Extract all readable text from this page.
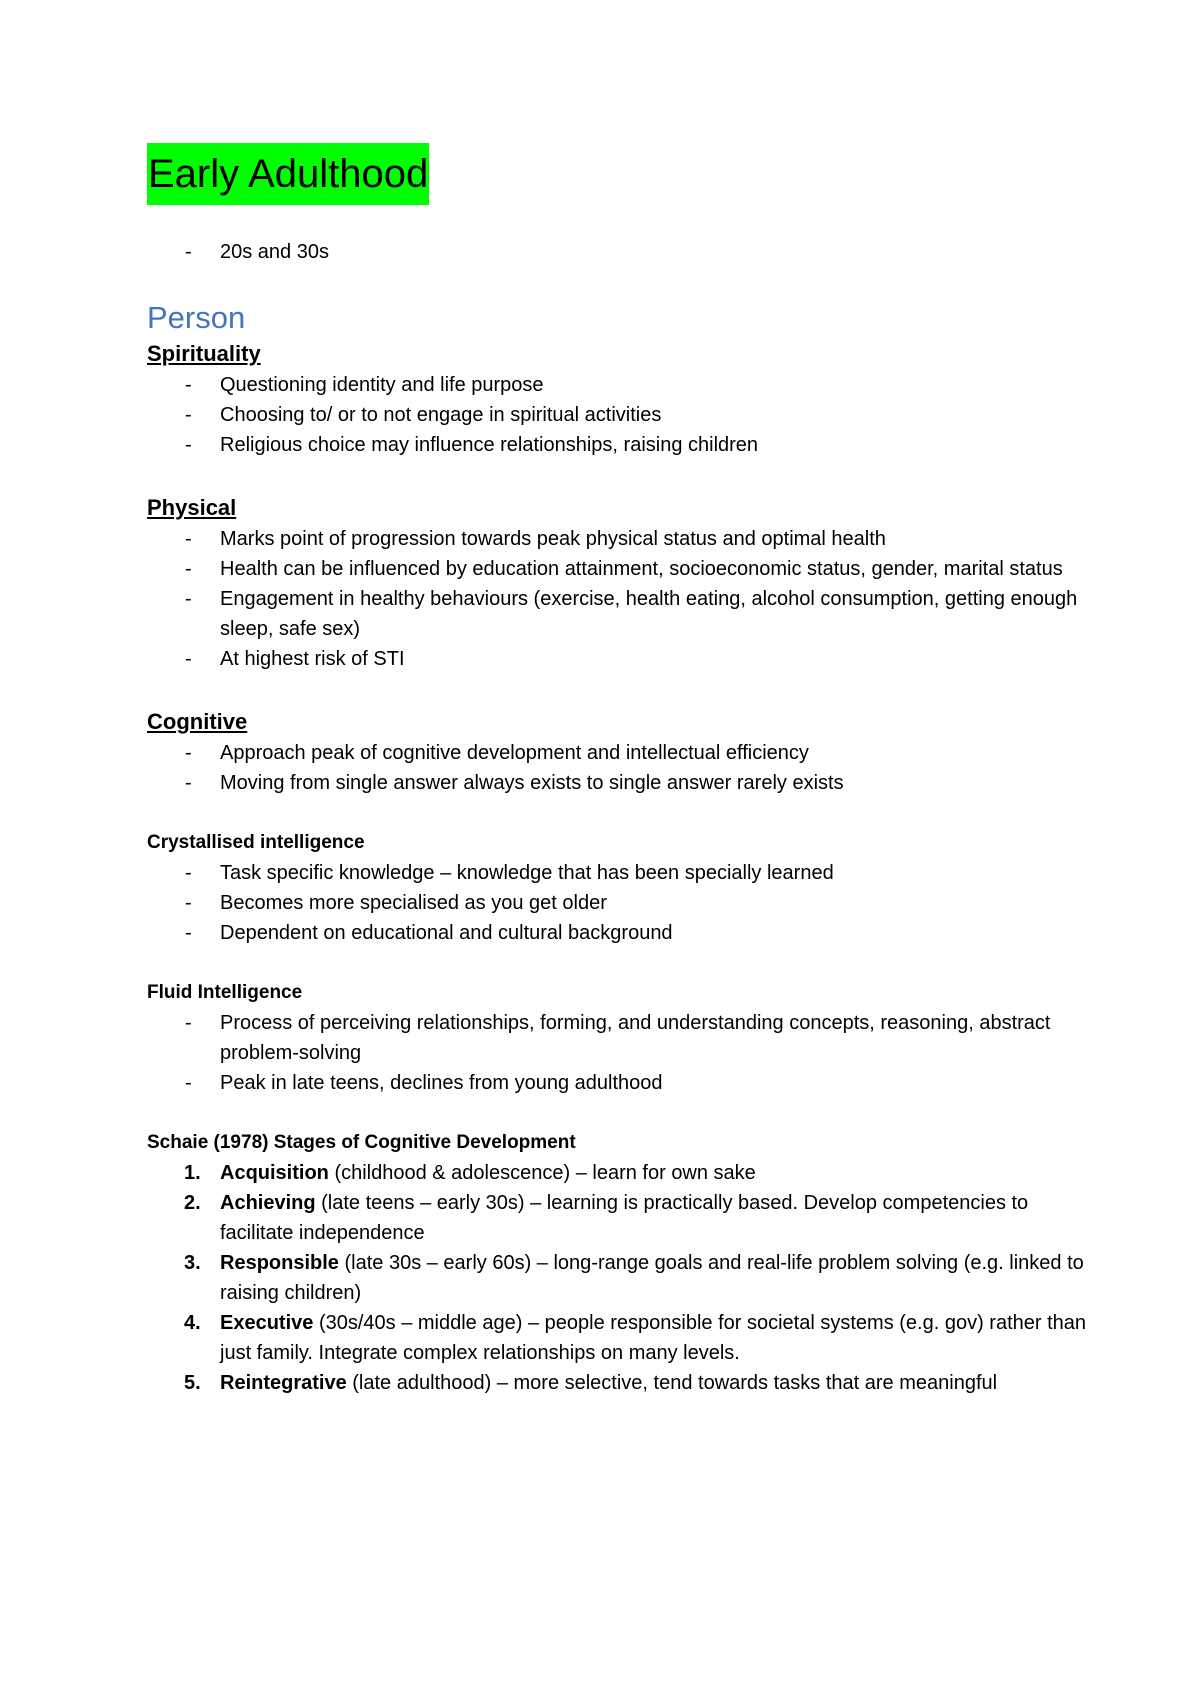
Early Adulthood
- 20s and 30s
Person
Spirituality
- Questioning identity and life purpose
- Choosing to/ or to not engage in spiritual activities
- Religious choice may influence relationships, raising children
Physical
- Marks point of progression towards peak physical status and optimal health
- Health can be influenced by education attainment, socioeconomic status, gender, marital status
- Engagement in healthy behaviours (exercise, health eating, alcohol consumption, getting enough sleep, safe sex)
- At highest risk of STI
Cognitive
- Approach peak of cognitive development and intellectual efficiency
- Moving from single answer always exists to single answer rarely exists
Crystallised intelligence
- Task specific knowledge – knowledge that has been specially learned
- Becomes more specialised as you get older
- Dependent on educational and cultural background
Fluid Intelligence
- Process of perceiving relationships, forming, and understanding concepts, reasoning, abstract problem-solving
- Peak in late teens, declines from young adulthood
Schaie (1978) Stages of Cognitive Development
1. Acquisition (childhood & adolescence) – learn for own sake
2. Achieving (late teens – early 30s) – learning is practically based. Develop competencies to facilitate independence
3. Responsible (late 30s – early 60s) – long-range goals and real-life problem solving (e.g. linked to raising children)
4. Executive (30s/40s – middle age) – people responsible for societal systems (e.g. gov) rather than just family. Integrate complex relationships on many levels.
5. Reintegrative (late adulthood) – more selective, tend towards tasks that are meaningful
